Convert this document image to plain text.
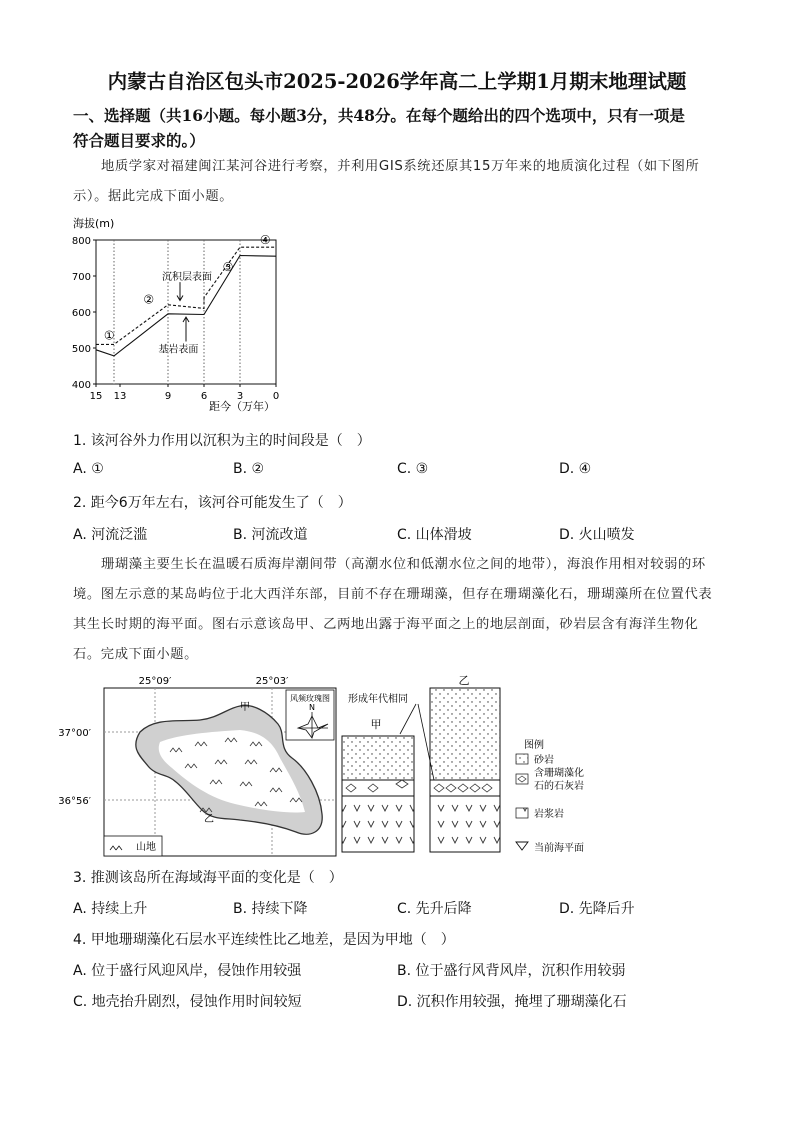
内蒙古自治区包头市2025-2026学年高二上学期1月期末地理试题
一、选择题（共16小题。每小题3分，共48分。在每个题给出的四个选项中，只有一项是
符合题目要求的。）
地质学家对福建闽江某河谷进行考察，并利用GIS系统还原其15万年来的地质演化过程（如下图所
示）。据此完成下面小题。
海拔(m)
距今（万年）
800
700
600
500
400
15 13	9	6	3	0
①
②
③
④
沉积层表面
基岩表面
1. 该河谷外力作用以沉积为主的时间段是（　）
A. ①	B. ②	C. ③	D. ④
2. 距今6万年左右，该河谷可能发生了（　）
A. 河流泛滥	B. 河流改道	C. 山体滑坡	D. 火山喷发
珊瑚藻主要生长在温暖石质海岸潮间带（高潮水位和低潮水位之间的地带），海浪作用相对较弱的环
境。图左示意的某岛屿位于北大西洋东部，目前不存在珊瑚藻，但存在珊瑚藻化石，珊瑚藻所在位置代表
其生长时期的海平面。图右示意该岛甲、乙两地出露于海平面之上的地层剖面，砂岩层含有海洋生物化
石。完成下面小题。
25°09′	25°03′
甲
乙
37°00′
36°56′
风频玫瑰图
N
山地
形成年代相同
甲
乙
图例
砂岩
含珊瑚藻化
石的石灰岩
岩浆岩
当前海平面
3. 推测该岛所在海域海平面的变化是（　）
A. 持续上升	B. 持续下降	C. 先升后降	D. 先降后升
4. 甲地珊瑚藻化石层水平连续性比乙地差，是因为甲地（　）
A. 位于盛行风迎风岸，侵蚀作用较强	B. 位于盛行风背风岸，沉积作用较弱
C. 地壳抬升剧烈，侵蚀作用时间较短	D. 沉积作用较强，掩埋了珊瑚藻化石
